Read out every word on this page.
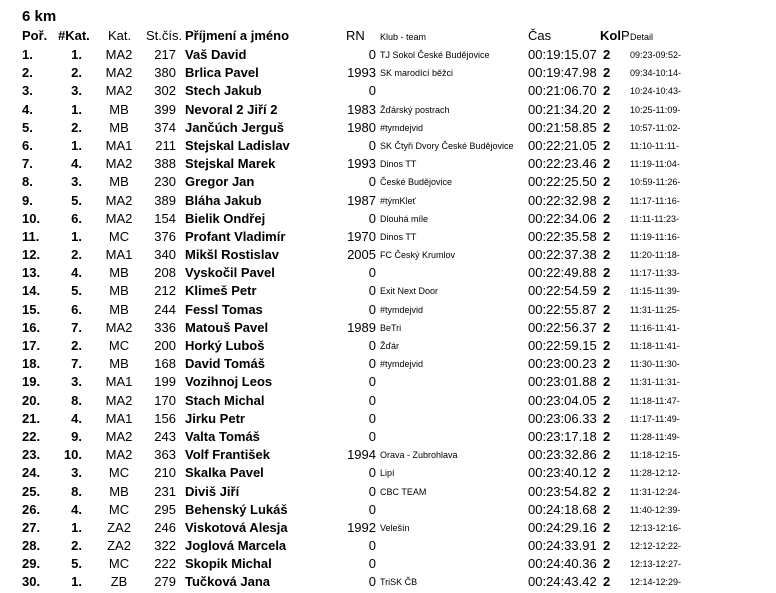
6 km
Poř. #Kat. Kat. St.čís. Příjmení a jméno	RN Klub - team	Čas	Kol P Detail
1.	1. MA2	217 Vaš David	0 TJ Sokol České Budějovice	00:19:15.07 2 09:23-09:52-
2.	2. MA2	380 Brlica Pavel	1993 SK marodící běžci	00:19:47.98 2 09:34-10:14-
3.	3. MA2	302 Stech Jakub	0	00:21:06.70 2 10:24-10:43-
4.	1.	MB	399 Nevoral 2 Jiří 2	1983 Žďárský postrach	00:21:34.20 2 10:25-11:09-
5.	2.	MB	374 Jančúch Jerguš	1980 #tymdejvid	00:21:58.85 2 10:57-11:02-
6.	1. MA1	211 Stejskal Ladislav	0 SK Čtyři Dvory České Budějovice 00:22:21.05 2 11:10-11:11-
7.	4. MA2	388 Stejskal Marek	1993 Dinos TT	00:22:23.46 2 11:19-11:04-
8.	3.	MB	230 Gregor Jan	0 České Budějovice	00:22:25.50 2 10:59-11:26-
9.	5. MA2	389 Bláha Jakub	1987 #týmKleť	00:22:32.98 2 11:17-11:16-
10.	6. MA2	154 Bielik Ondřej	0 Dlouhá míle	00:22:34.06 2 11:11-11:23-
11.	1.	MC	376 Profant Vladimír	1970 Dinos TT	00:22:35.58 2 11:19-11:16-
12.	2. MA1	340 Mikšl Rostislav	2005 FC Český Krumlov	00:22:37.38 2 11:20-11:18-
13.	4.	MB	208 Vyskočil Pavel	0	00:22:49.88 2 11:17-11:33-
14.	5.	MB	212 Klimeš Petr	0 Exit Next Door	00:22:54.59 2 11:15-11:39-
15.	6.	MB	244 Fessl Tomas	0 #tymdejvid	00:22:55.87 2 11:31-11:25-
16.	7. MA2	336 Matouš Pavel	1989 BeTri	00:22:56.37 2 11:16-11:41-
17.	2.	MC	200 Horký Luboš	0 Žďár	00:22:59.15 2 11:18-11:41-
18.	7.	MB	168 David Tomáš	0 #tymdejvid	00:23:00.23 2 11:30-11:30-
19.	3. MA1	199 Vozihnoj Leos	0	00:23:01.88 2 11:31-11:31-
20.	8. MA2	170 Stach Michal	0	00:23:04.05 2 11:18-11:47-
21.	4. MA1	156 Jirku Petr	0	00:23:06.33 2 11:17-11:49-
22.	9. MA2	243 Valta Tomáš	0	00:23:17.18 2 11:28-11:49-
23. 10. MA2	363 Volf František	1994 Orava - Zubrohlava	00:23:32.86 2 11:18-12:15-
24.	3.	MC	210 Skalka Pavel	0 Lipí	00:23:40.12 2 11:28-12:12-
25.	8.	MB	231 Diviš Jiří	0 CBC TEAM	00:23:54.82 2 11:31-12:24-
26.	4.	MC	295 Behenský Lukáš	0	00:24:18.68 2 11:40-12:39-
27.	1. ZA2	246 Viskotová Alesja	1992 Velešín	00:24:29.16 2 12:13-12:16-
28.	2. ZA2	322 Joglová Marcela	0	00:24:33.91 2 12:12-12:22-
29.	5.	MC	222 Skopik Michal	0	00:24:40.36 2 12:13-12:27-
30.	1.	ZB	279 Tučková Jana	0 TriSK ČB	00:24:43.42 2 12:14-12:29-
